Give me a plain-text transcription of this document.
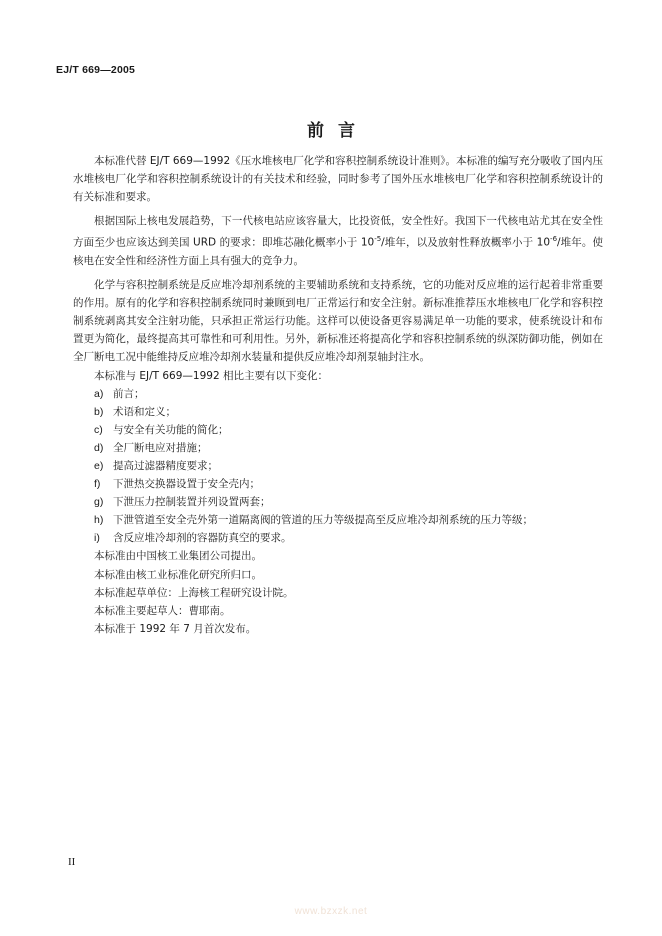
EJ/T 669—2005
前言

本标准代替 EJ/T 669—1992《压水堆核电厂化学和容积控制系统设计准则》。本标准的编写充分吸收了国内压水堆核电厂化学和容积控制系统设计的有关技术和经验，同时参考了国外压水堆核电厂化学和容积控制系统设计的有关标准和要求。

根据国际上核电发展趋势，下一代核电站应该容量大，比投资低，安全性好。我国下一代核电站尤其在安全性方面至少也应该达到美国 URD 的要求：即堆芯融化概率小于 $10^{-5}/$堆年，以及放射性释放概率小于 $10^{-6}/$堆年。使核电在安全性和经济性方面上具有强大的竞争力。

化学与容积控制系统是反应堆冷却剂系统的主要辅助系统和支持系统，它的功能对反应堆的运行起着非常重要的作用。原有的化学和容积控制系统同时兼顾到电厂正常运行和安全注射。新标准推荐压水堆核电厂化学和容积控制系统剥离其安全注射功能，只承担正常运行功能。这样可以使设备更容易满足单一功能的要求，使系统设计和布置更为简化，最终提高其可靠性和可利用性。另外，新标准还将提高化学和容积控制系统的纵深防御功能，例如在全厂断电工况中能维持反应堆冷却剂水装量和提供反应堆冷却剂泵轴封注水。

本标准与 EJ/T 669—1992 相比主要有以下变化：

a) 前言；
b) 术语和定义；
c) 与安全有关功能的简化；
d) 全厂断电应对措施；
e) 提高过滤器精度要求；
f) 下泄热交换器设置于安全壳内；
g) 下泄压力控制装置并列设置两套；
h) 下泄管道至安全壳外第一道隔离阀的管道的压力等级提高至反应堆冷却剂系统的压力等级；
i) 含反应堆冷却剂的容器防真空的要求。

本标准由中国核工业集团公司提出。

本标准由核工业标准化研究所归口。

本标准起草单位：上海核工程研究设计院。

本标准主要起草人：曹耶南。

本标准于 1992 年 7 月首次发布。

II
www.bzxzk.net
